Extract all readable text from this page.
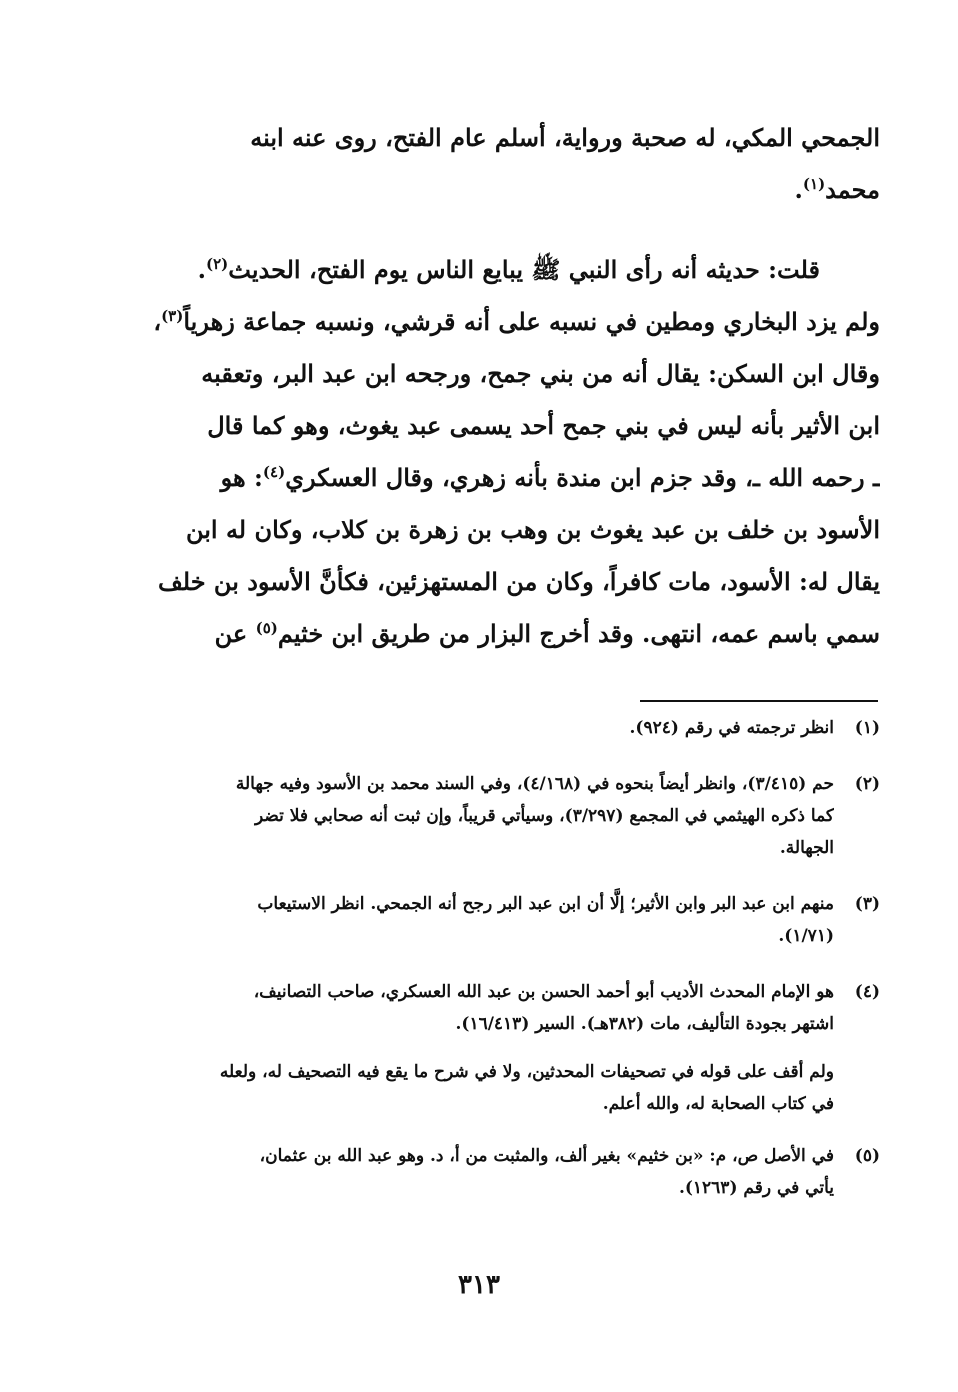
الجمحي المكي، له صحبة ورواية، أسلم عام الفتح، روى عنه ابنه
محمد$^{(١)}$.
قلت: حديثه أنه رأى النبي ﷺ يبايع الناس يوم الفتح، الحديث$^{(٢)}$.
ولم يزد البخاري ومطين في نسبه على أنه قرشي، ونسبه جماعة زهرياً$^{(٣)}$،
وقال ابن السكن: يقال أنه من بني جمح، ورجحه ابن عبد البر، وتعقبه
ابن الأثير بأنه ليس في بني جمح أحد يسمى عبد يغوث، وهو كما قال
ـ رحمه الله ـ، وقد جزم ابن مندة بأنه زهري، وقال العسكري$^{(٤)}$: هو
الأسود بن خلف بن عبد يغوث بن وهب بن زهرة بن كلاب، وكان له ابن
يقال له: الأسود، مات كافراً، وكان من المستهزئين، فكأنَّ الأسود بن خلف
سمي باسم عمه، انتهى. وقد أخرج البزار من طريق ابن خثيم$^{(٥)}$ عن
(١)
انظر ترجمته في رقم (٩٢٤).
(٢)
حم (٣/٤١٥)، وانظر أيضاً بنحوه في (٤/١٦٨)، وفي السند محمد بن الأسود وفيه جهالة
كما ذكره الهيثمي في المجمع (٣/٢٩٧)، وسيأتي قريباً، وإن ثبت أنه صحابي فلا تضر
الجهالة.
(٣)
منهم ابن عبد البر وابن الأثير؛ إلَّا أن ابن عبد البر رجح أنه الجمحي. انظر الاستيعاب
(١/٧١).
(٤)
هو الإمام المحدث الأديب أبو أحمد الحسن بن عبد الله العسكري، صاحب التصانيف،
اشتهر بجودة التأليف، مات (٣٨٢هـ). السير (١٦/٤١٣).
ولم أقف على قوله في تصحيفات المحدثين، ولا في شرح ما يقع فيه التصحيف له، ولعله
في كتاب الصحابة له، والله أعلم.
(٥)
في الأصل ص، م: «بن خثيم» بغير ألف، والمثبت من أ، د. وهو عبد الله بن عثمان،
يأتي في رقم (١٢٦٣).
٣١٣
